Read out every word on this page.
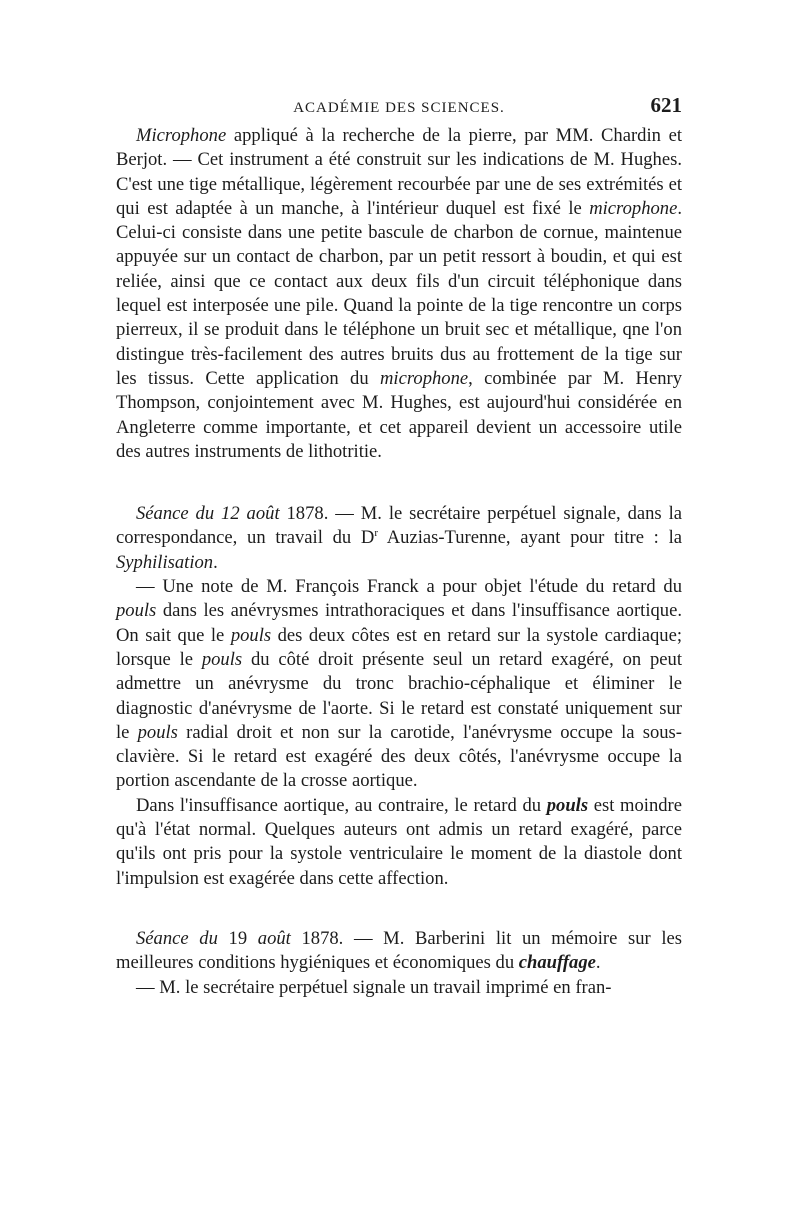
ACADÉMIE DES SCIENCES.	621

Microphone appliqué à la recherche de la pierre, par MM. Chardin et Berjot. — Cet instrument a été construit sur les indications de M. Hughes. C'est une tige métallique, légèrement recourbée par une de ses extrémités et qui est adaptée à un manche, à l'intérieur duquel est fixé le microphone. Celui-ci consiste dans une petite bascule de charbon de cornue, maintenue appuyée sur un contact de charbon, par un petit ressort à boudin, et qui est reliée, ainsi que ce contact aux deux fils d'un circuit téléphonique dans lequel est interposée une pile. Quand la pointe de la tige rencontre un corps pierreux, il se produit dans le téléphone un bruit sec et métallique, qne l'on distingue très-facilement des autres bruits dus au frottement de la tige sur les tissus. Cette application du microphone, combinée par M. Henry Thompson, conjointement avec M. Hughes, est aujourd'hui considérée en Angleterre comme importante, et cet appareil devient un accessoire utile des autres instruments de lithotritie.

Séance du 12 août 1878. — M. le secrétaire perpétuel signale, dans la correspondance, un travail du $D^r$ Auzias-Turenne, ayant pour titre : la Syphilisation.

— Une note de M. François Franck a pour objet l'étude du retard du pouls dans les anévrysmes intrathoraciques et dans l'insuffisance aortique. On sait que le pouls des deux côtes est en retard sur la systole cardiaque; lorsque le pouls du côté droit présente seul un retard exagéré, on peut admettre un anévrysme du tronc brachio-céphalique et éliminer le diagnostic d'anévrysme de l'aorte. Si le retard est constaté uniquement sur le pouls radial droit et non sur la carotide, l'anévrysme occupe la sous-clavière. Si le retard est exagéré des deux côtés, l'anévrysme occupe la portion ascendante de la crosse aortique.

Dans l'insuffisance aortique, au contraire, le retard du pouls est moindre qu'à l'état normal. Quelques auteurs ont admis un retard exagéré, parce qu'ils ont pris pour la systole ventriculaire le moment de la diastole dont l'impulsion est exagérée dans cette affection.

Séance du 19 août 1878. — M. Barberini lit un mémoire sur les meilleures conditions hygiéniques et économiques du chauffage.

— M. le secrétaire perpétuel signale un travail imprimé en fran-
